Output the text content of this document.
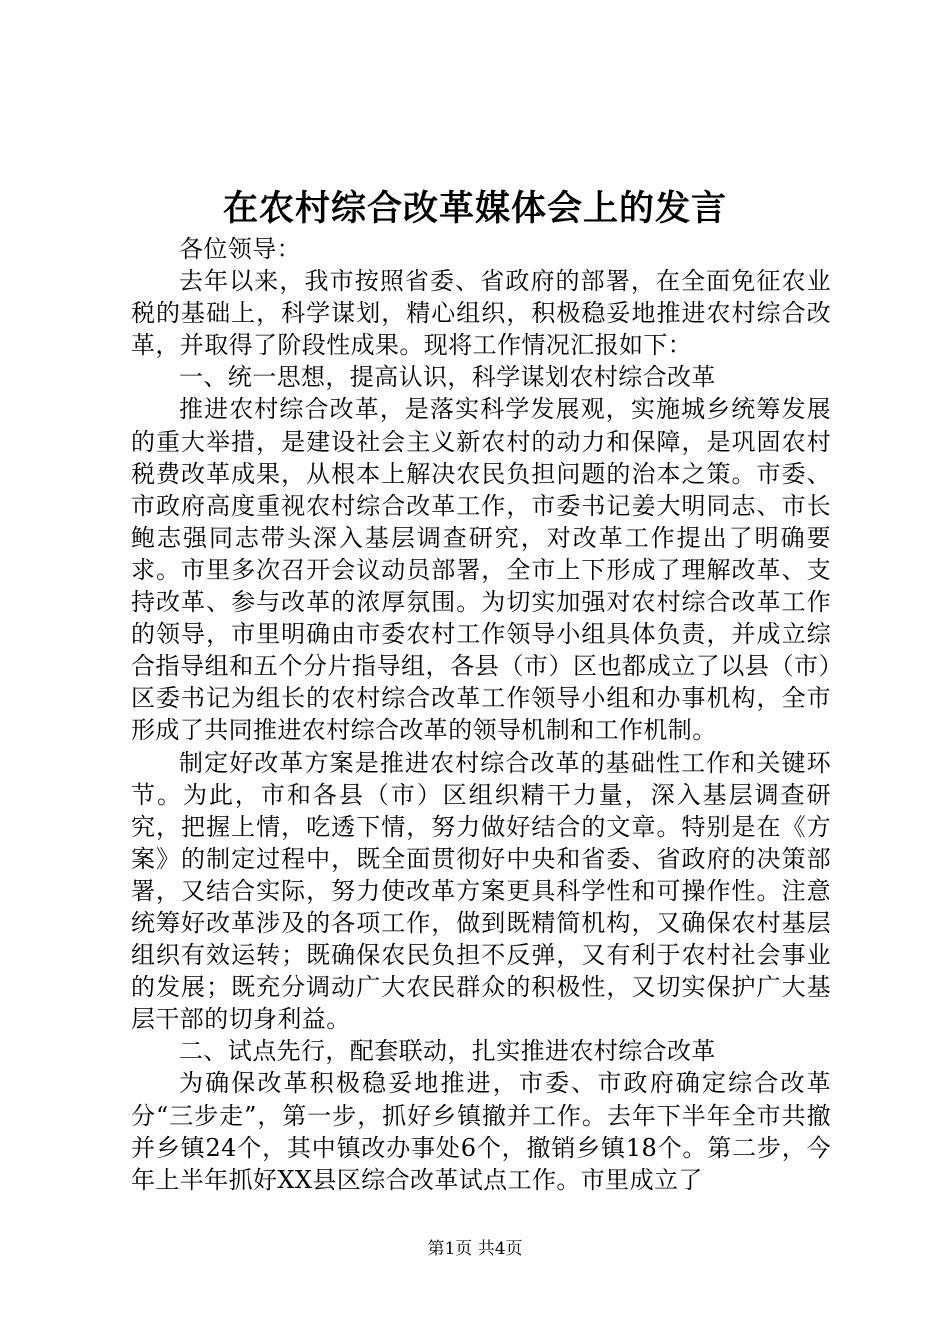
在农村综合改革媒体会上的发言

各位领导：

去年以来，我市按照省委、省政府的部署，在全面免征农业税的基础上，科学谋划，精心组织，积极稳妥地推进农村综合改革，并取得了阶段性成果。现将工作情况汇报如下：

一、统一思想，提高认识，科学谋划农村综合改革

推进农村综合改革，是落实科学发展观，实施城乡统筹发展的重大举措，是建设社会主义新农村的动力和保障，是巩固农村税费改革成果，从根本上解决农民负担问题的治本之策。市委、市政府高度重视农村综合改革工作，市委书记姜大明同志、市长鲍志强同志带头深入基层调查研究，对改革工作提出了明确要求。市里多次召开会议动员部署，全市上下形成了理解改革、支持改革、参与改革的浓厚氛围。为切实加强对农村综合改革工作的领导，市里明确由市委农村工作领导小组具体负责，并成立综合指导组和五个分片指导组，各县（市）区也都成立了以县（市）区委书记为组长的农村综合改革工作领导小组和办事机构，全市形成了共同推进农村综合改革的领导机制和工作机制。

制定好改革方案是推进农村综合改革的基础性工作和关键环节。为此，市和各县（市）区组织精干力量，深入基层调查研究，把握上情，吃透下情，努力做好结合的文章。特别是在《方案》的制定过程中，既全面贯彻好中央和省委、省政府的决策部署，又结合实际，努力使改革方案更具科学性和可操作性。注意统筹好改革涉及的各项工作，做到既精简机构，又确保农村基层组织有效运转；既确保农民负担不反弹，又有利于农村社会事业的发展；既充分调动广大农民群众的积极性，又切实保护广大基层干部的切身利益。

二、试点先行，配套联动，扎实推进农村综合改革

为确保改革积极稳妥地推进，市委、市政府确定综合改革分“三步走”，第一步，抓好乡镇撤并工作。去年下半年全市共撤并乡镇24个，其中镇改办事处6个，撤销乡镇18个。第二步，今年上半年抓好XX县区综合改革试点工作。市里成立了

第1页 共4页
